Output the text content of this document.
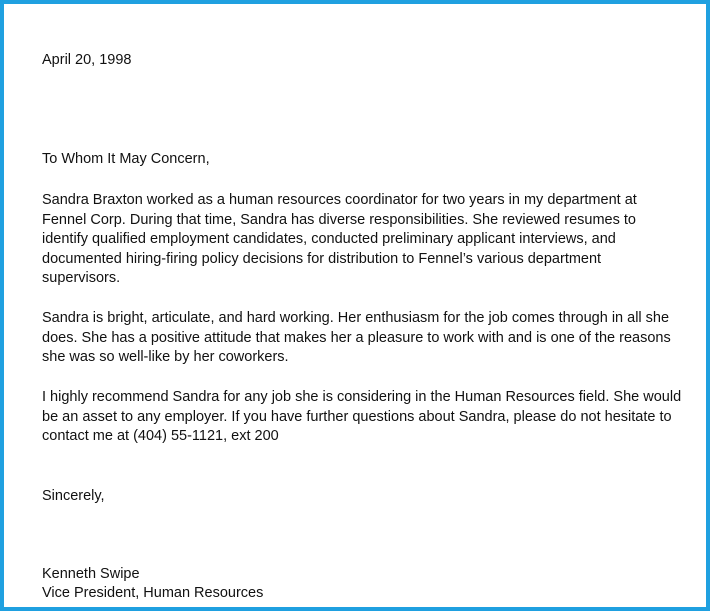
April 20, 1998

To Whom It May Concern,

Sandra Braxton worked as a human resources coordinator for two years in my department at
Fennel Corp. During that time, Sandra has diverse responsibilities. She reviewed resumes to
identify qualified employment candidates, conducted preliminary applicant interviews, and
documented hiring-firing policy decisions for distribution to Fennel’s various department
supervisors.

Sandra is bright, articulate, and hard working. Her enthusiasm for the job comes through in all she
does. She has a positive attitude that makes her a pleasure to work with and is one of the reasons
she was so well-like by her coworkers.

I highly recommend Sandra for any job she is considering in the Human Resources field. She would
be an asset to any employer. If you have further questions about Sandra, please do not hesitate to
contact me at (404) 55-1121, ext 200

Sincerely,

Kenneth Swipe

Vice President, Human Resources
